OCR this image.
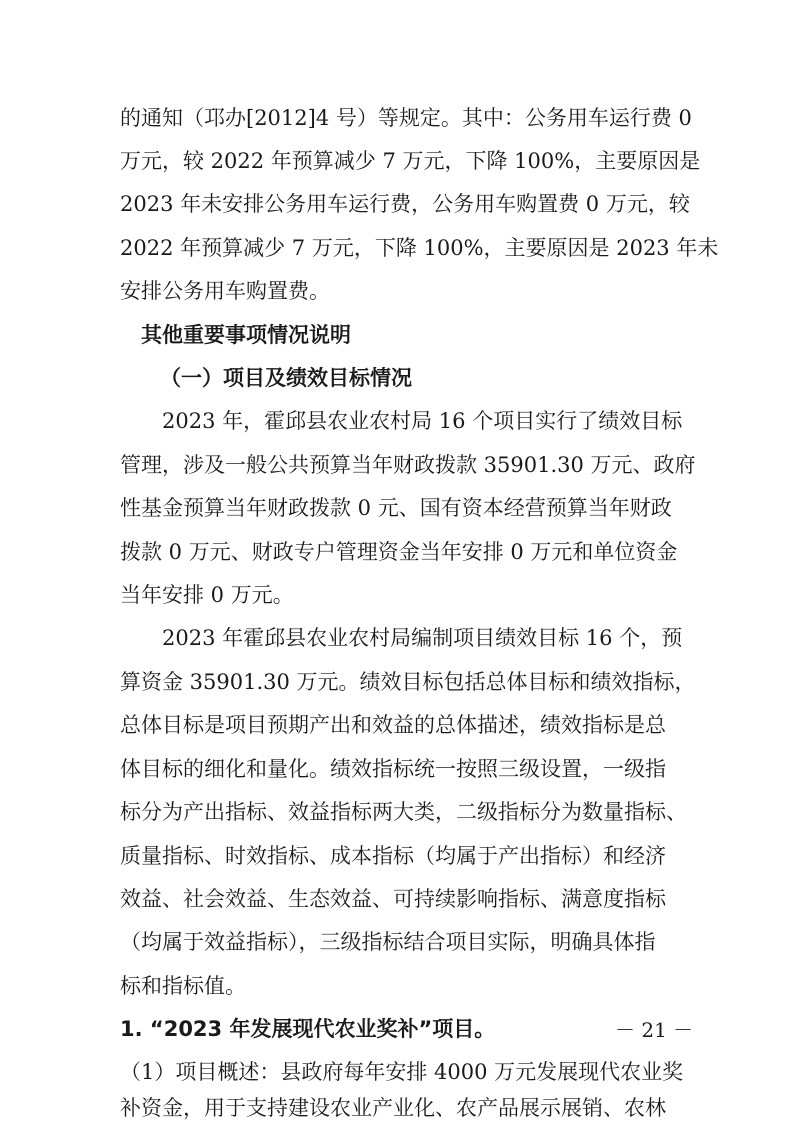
的通知（邛办[2012]4 号）等规定。其中：公务用车运行费 0
万元，较 2022 年预算减少 7 万元，下降 100%，主要原因是
2023 年未安排公务用车运行费，公务用车购置费 0 万元，较
2022 年预算减少 7 万元，下降 100%，主要原因是 2023 年未
安排公务用车购置费。
其他重要事项情况说明
（一）项目及绩效目标情况
2023 年，霍邱县农业农村局 16 个项目实行了绩效目标
管理，涉及一般公共预算当年财政拨款 35901.30 万元、政府
性基金预算当年财政拨款 0 元、国有资本经营预算当年财政
拨款 0 万元、财政专户管理资金当年安排 0 万元和单位资金
当年安排 0 万元。
2023 年霍邱县农业农村局编制项目绩效目标 16 个，预
算资金 35901.30 万元。绩效目标包括总体目标和绩效指标，
总体目标是项目预期产出和效益的总体描述，绩效指标是总
体目标的细化和量化。绩效指标统一按照三级设置，一级指
标分为产出指标、效益指标两大类，二级指标分为数量指标、
质量指标、时效指标、成本指标（均属于产出指标）和经济
效益、社会效益、生态效益、可持续影响指标、满意度指标
（均属于效益指标），三级指标结合项目实际，明确具体指
标和指标值。
1. “2023 年发展现代农业奖补”项目。
（1）项目概述：县政府每年安排 4000 万元发展现代农业奖
补资金，用于支持建设农业产业化、农产品展示展销、农林
－ 21 －
